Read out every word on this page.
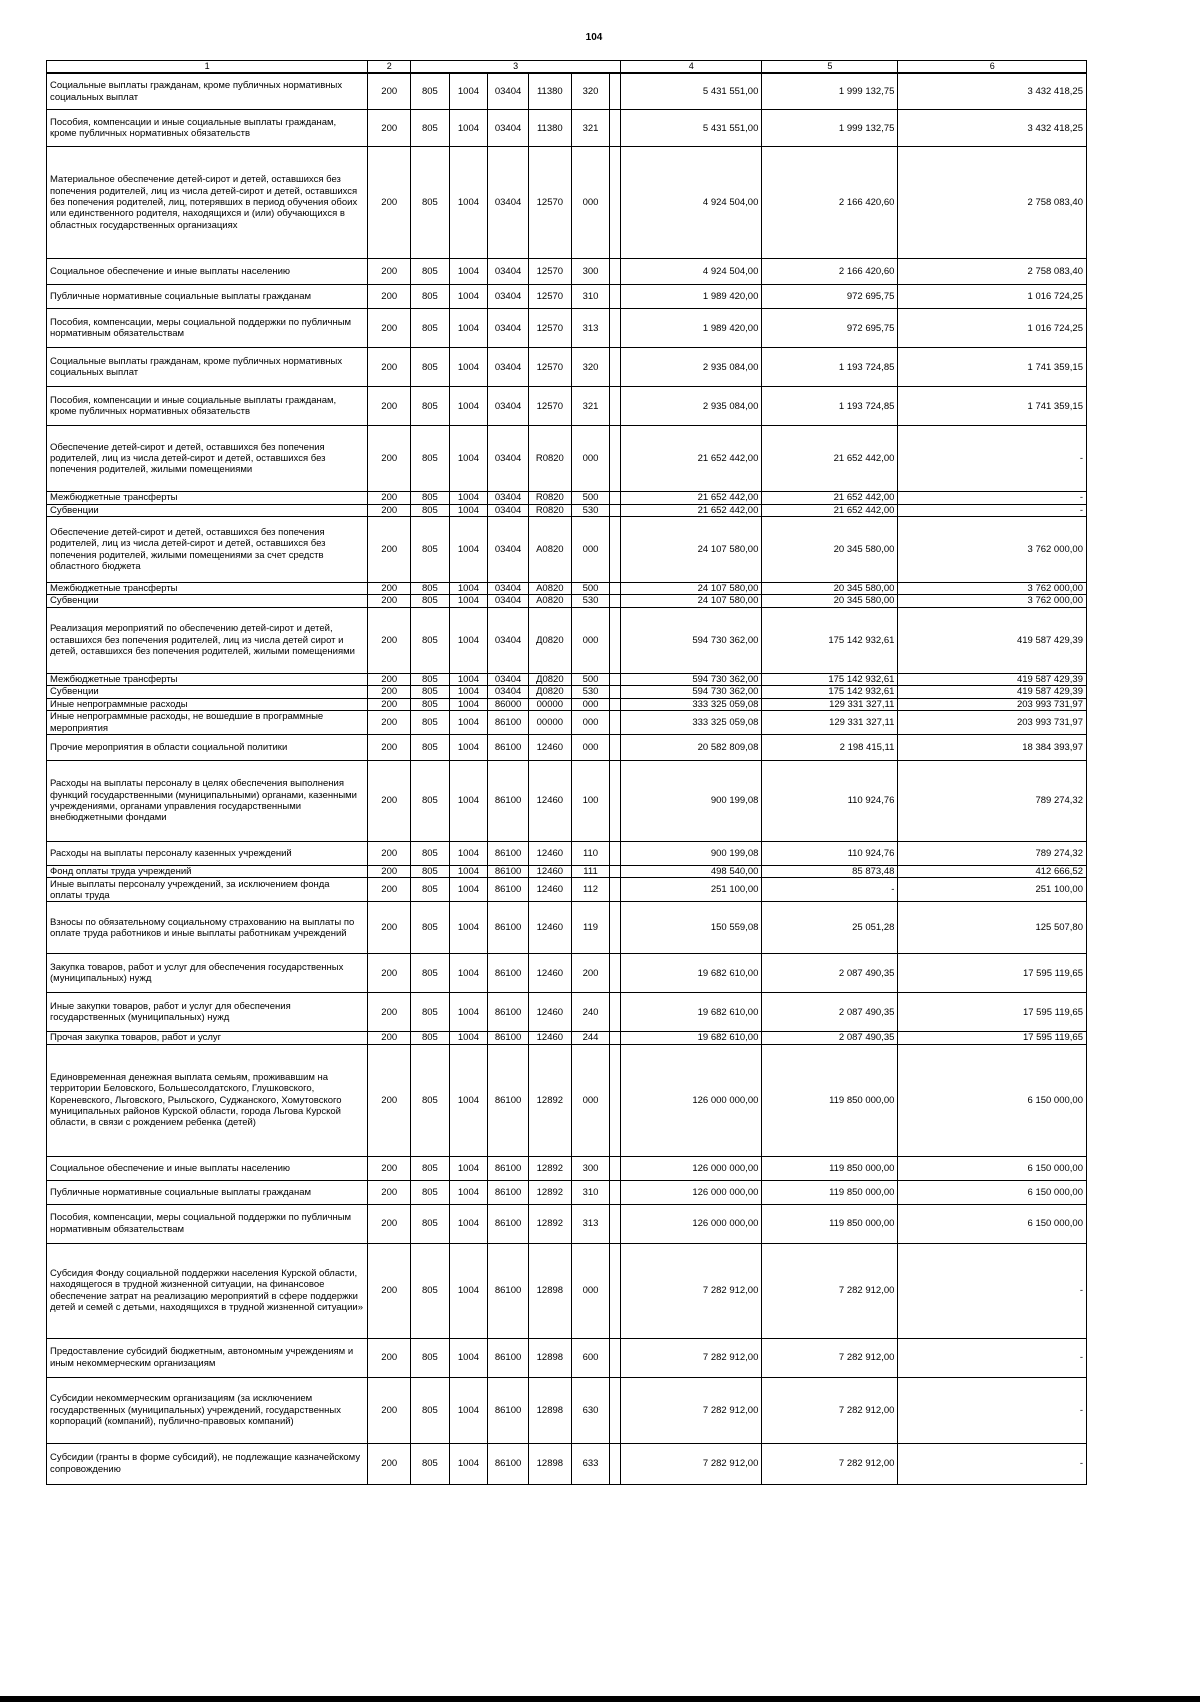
104
1	2	3						4	5	6
Социальные выплаты гражданам, кроме публичных нормативных социальных выплат	200	805	1004	03404	11380	320		5 431 551,00	1 999 132,75	3 432 418,25
Пособия, компенсации и иные социальные выплаты гражданам, кроме публичных нормативных обязательств	200	805	1004	03404	11380	321		5 431 551,00	1 999 132,75	3 432 418,25
Материальное обеспечение детей-сирот и детей, оставшихся без попечения родителей, лиц из числа детей-сирот и детей, оставшихся без попечения родителей, лиц, потерявших в период обучения обоих или единственного родителя, находящихся и (или) обучающихся в областных государственных организациях	200	805	1004	03404	12570	000		4 924 504,00	2 166 420,60	2 758 083,40
Социальное обеспечение и иные выплаты населению	200	805	1004	03404	12570	300		4 924 504,00	2 166 420,60	2 758 083,40
Публичные нормативные социальные выплаты гражданам	200	805	1004	03404	12570	310		1 989 420,00	972 695,75	1 016 724,25
Пособия, компенсации, меры социальной поддержки по публичным нормативным обязательствам	200	805	1004	03404	12570	313		1 989 420,00	972 695,75	1 016 724,25
Социальные выплаты гражданам, кроме публичных нормативных социальных выплат	200	805	1004	03404	12570	320		2 935 084,00	1 193 724,85	1 741 359,15
Пособия, компенсации и иные социальные выплаты гражданам, кроме публичных нормативных обязательств	200	805	1004	03404	12570	321		2 935 084,00	1 193 724,85	1 741 359,15
Обеспечение детей-сирот и детей, оставшихся без попечения родителей, лиц из числа детей-сирот и детей, оставшихся без попечения родителей, жилыми помещениями	200	805	1004	03404	R0820	000		21 652 442,00	21 652 442,00	-
Межбюджетные трансферты	200	805	1004	03404	R0820	500		21 652 442,00	21 652 442,00	-
Субвенции	200	805	1004	03404	R0820	530		21 652 442,00	21 652 442,00	-
Обеспечение детей-сирот и детей, оставшихся без попечения родителей, лиц из числа детей-сирот и детей, оставшихся без попечения родителей, жилыми помещениями за счет средств областного бюджета	200	805	1004	03404	А0820	000		24 107 580,00	20 345 580,00	3 762 000,00
Межбюджетные трансферты	200	805	1004	03404	А0820	500		24 107 580,00	20 345 580,00	3 762 000,00
Субвенции	200	805	1004	03404	А0820	530		24 107 580,00	20 345 580,00	3 762 000,00
Реализация мероприятий по обеспечению детей-сирот и детей, оставшихся без попечения родителей, лиц из числа детей сирот и детей, оставшихся без попечения родителей, жилыми помещениями	200	805	1004	03404	Д0820	000		594 730 362,00	175 142 932,61	419 587 429,39
Межбюджетные трансферты	200	805	1004	03404	Д0820	500		594 730 362,00	175 142 932,61	419 587 429,39
Субвенции	200	805	1004	03404	Д0820	530		594 730 362,00	175 142 932,61	419 587 429,39
Иные непрограммные расходы	200	805	1004	86000	00000	000		333 325 059,08	129 331 327,11	203 993 731,97
Иные непрограммные расходы, не вошедшие в программные мероприятия	200	805	1004	86100	00000	000		333 325 059,08	129 331 327,11	203 993 731,97
Прочие мероприятия в области социальной политики	200	805	1004	86100	12460	000		20 582 809,08	2 198 415,11	18 384 393,97
Расходы на выплаты персоналу в целях обеспечения выполнения функций государственными (муниципальными) органами, казенными учреждениями, органами управления государственными внебюджетными фондами	200	805	1004	86100	12460	100		900 199,08	110 924,76	789 274,32
Расходы на выплаты персоналу казенных учреждений	200	805	1004	86100	12460	110		900 199,08	110 924,76	789 274,32
Фонд оплаты труда учреждений	200	805	1004	86100	12460	111		498 540,00	85 873,48	412 666,52
Иные выплаты персоналу учреждений, за исключением фонда оплаты труда	200	805	1004	86100	12460	112		251 100,00	-	251 100,00
Взносы по обязательному социальному страхованию на выплаты по оплате труда работников и иные выплаты работникам учреждений	200	805	1004	86100	12460	119		150 559,08	25 051,28	125 507,80
Закупка товаров, работ и услуг для обеспечения государственных (муниципальных) нужд	200	805	1004	86100	12460	200		19 682 610,00	2 087 490,35	17 595 119,65
Иные закупки товаров, работ и услуг для обеспечения государственных (муниципальных) нужд	200	805	1004	86100	12460	240		19 682 610,00	2 087 490,35	17 595 119,65
Прочая закупка товаров, работ и услуг	200	805	1004	86100	12460	244		19 682 610,00	2 087 490,35	17 595 119,65
Единовременная денежная выплата семьям, проживавшим на территории Беловского, Большесолдатского, Глушковского, Кореневского, Льговского, Рыльского, Суджанского, Хомутовского муниципальных районов Курской области, города Льгова Курской области, в связи с рождением ребенка (детей)	200	805	1004	86100	12892	000		126 000 000,00	119 850 000,00	6 150 000,00
Социальное обеспечение и иные выплаты населению	200	805	1004	86100	12892	300		126 000 000,00	119 850 000,00	6 150 000,00
Публичные нормативные социальные выплаты гражданам	200	805	1004	86100	12892	310		126 000 000,00	119 850 000,00	6 150 000,00
Пособия, компенсации, меры социальной поддержки по публичным нормативным обязательствам	200	805	1004	86100	12892	313		126 000 000,00	119 850 000,00	6 150 000,00
Субсидия Фонду социальной поддержки населения Курской области, находящегося в трудной жизненной ситуации, на финансовое обеспечение затрат на реализацию мероприятий в сфере поддержки детей и семей с детьми, находящихся в трудной жизненной ситуации»	200	805	1004	86100	12898	000		7 282 912,00	7 282 912,00	-
Предоставление субсидий бюджетным, автономным учреждениям и иным некоммерческим организациям	200	805	1004	86100	12898	600		7 282 912,00	7 282 912,00	-
Субсидии некоммерческим организациям (за исключением государственных (муниципальных) учреждений, государственных корпораций (компаний), публично-правовых компаний)	200	805	1004	86100	12898	630		7 282 912,00	7 282 912,00	-
Субсидии (гранты в форме субсидий), не подлежащие казначейскому сопровождению	200	805	1004	86100	12898	633		7 282 912,00	7 282 912,00	-
